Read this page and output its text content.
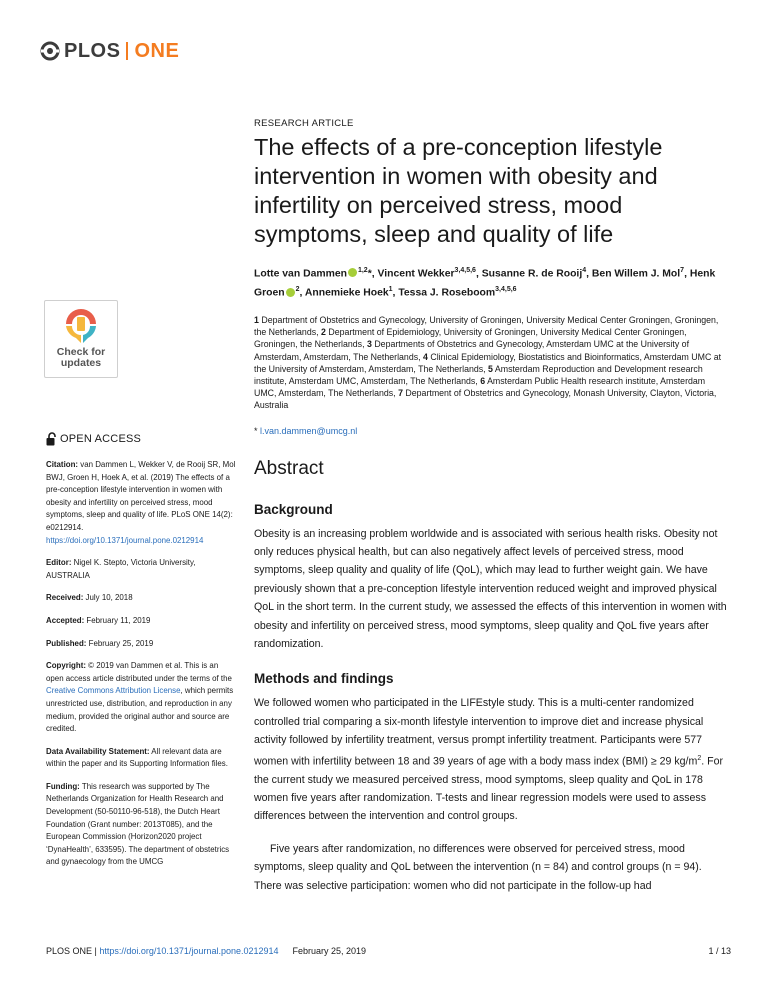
PLOS ONE
Check for
updates
OPEN ACCESS

Citation: van Dammen L, Wekker V, de Rooij SR, Mol BWJ, Groen H, Hoek A, et al. (2019) The effects of a pre-conception lifestyle intervention in women with obesity and infertility on perceived stress, mood symptoms, sleep and quality of life. PLoS ONE 14(2): e0212914. https://doi.org/10.1371/journal.pone.0212914

Editor: Nigel K. Stepto, Victoria University, AUSTRALIA

Received: July 10, 2018

Accepted: February 11, 2019

Published: February 25, 2019

Copyright: © 2019 van Dammen et al. This is an open access article distributed under the terms of the Creative Commons Attribution License, which permits unrestricted use, distribution, and reproduction in any medium, provided the original author and source are credited.

Data Availability Statement: All relevant data are within the paper and its Supporting Information files.

Funding: This research was supported by The Netherlands Organization for Health Research and Development (50-50110-96-518), the Dutch Heart Foundation (Grant number: 2013T085), and the European Commission (Horizon2020 project ‘DynaHealth’, 633595). The department of obstetrics and gynaecology from the UMCG

RESEARCH ARTICLE
The effects of a pre-conception lifestyle intervention in women with obesity and infertility on perceived stress, mood symptoms, sleep and quality of life
Lotte van Dammen $^{1,2}$*, Vincent Wekker$^{3,4,5,6}$, Susanne R. de Rooij$^4$, Ben Willem J. Mol$^7$, Henk Groen $^2$, Annemieke Hoek$^1$, Tessa J. Roseboom$^{3,4,5,6}$
1 Department of Obstetrics and Gynecology, University of Groningen, University Medical Center Groningen, Groningen, the Netherlands, 2 Department of Epidemiology, University of Groningen, University Medical Center Groningen, Groningen, the Netherlands, 3 Departments of Obstetrics and Gynecology, Amsterdam UMC at the University of Amsterdam, Amsterdam, The Netherlands, 4 Clinical Epidemiology, Biostatistics and Bioinformatics, Amsterdam UMC at the University of Amsterdam, Amsterdam, The Netherlands, 5 Amsterdam Reproduction and Development research institute, Amsterdam UMC, Amsterdam, The Netherlands, 6 Amsterdam Public Health research institute, Amsterdam UMC, Amsterdam, The Netherlands, 7 Department of Obstetrics and Gynecology, Monash University, Clayton, Victoria, Australia
* l.van.dammen@umcg.nl
Abstract
Background

Obesity is an increasing problem worldwide and is associated with serious health risks. Obesity not only reduces physical health, but can also negatively affect levels of perceived stress, mood symptoms, sleep quality and quality of life (QoL), which may lead to further weight gain. We have previously shown that a pre-conception lifestyle intervention reduced weight and improved physical QoL in the short term. In the current study, we assessed the effects of this intervention in women with obesity and infertility on perceived stress, mood symptoms, sleep quality and QoL five years after randomization.

Methods and findings

We followed women who participated in the LIFEstyle study. This is a multi-center randomized controlled trial comparing a six-month lifestyle intervention to improve diet and increase physical activity followed by infertility treatment, versus prompt infertility treatment. Participants were 577 women with infertility between 18 and 39 years of age with a body mass index (BMI) ≥ 29 $kg/m^2$. For the current study we measured perceived stress, mood symptoms, sleep quality and QoL in 178 women five years after randomization. T-tests and linear regression models were used to assess differences between the intervention and control groups.

Five years after randomization, no differences were observed for perceived stress, mood symptoms, sleep quality and QoL between the intervention (n = 84) and control groups (n = 94). There was selective participation: women who did not participate in the follow-up had

PLOS ONE | https://doi.org/10.1371/journal.pone.0212914 February 25, 2019	1 / 13
